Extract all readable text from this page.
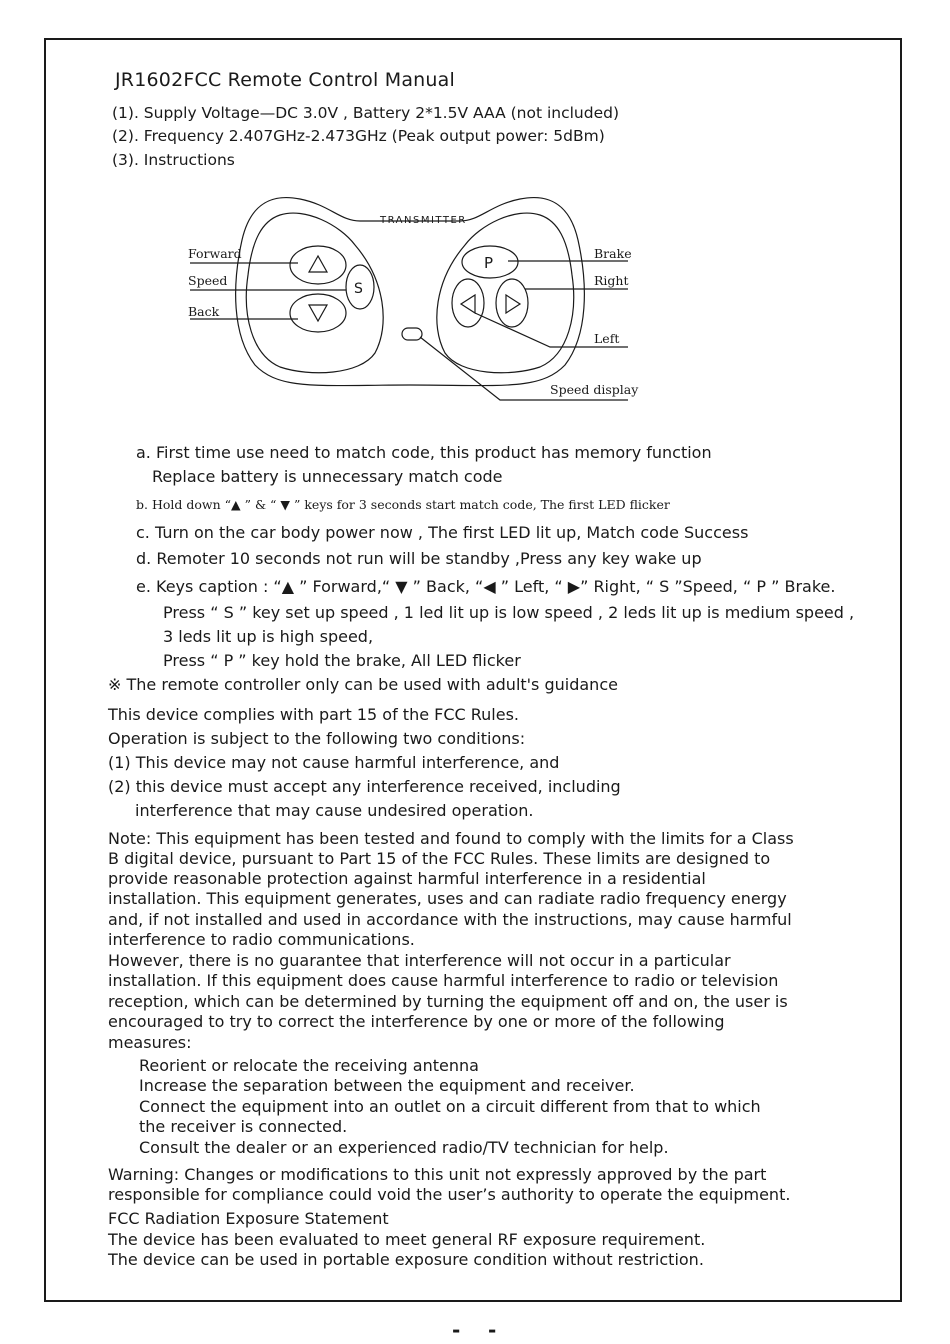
JR1602FCC Remote Control Manual
(1). Supply Voltage—DC 3.0V , Battery 2*1.5V AAA (not included)
(2). Frequency 2.407GHz-2.473GHz (Peak output power: 5dBm)
(3). Instructions
TRANSMITTER
S
P
Forward
Speed
Back
Brake
Right
Left
Speed display
a. First time use need to match code, this product has memory function
Replace battery is unnecessary match code
b. Hold down “▲ ” & “ ▼ ” keys for 3 seconds start match code, The first LED flicker
c. Turn on the car body power now , The first LED lit up, Match code Success
d. Remoter 10 seconds not run will be standby ,Press any key wake up
e. Keys caption : “▲ ” Forward,“ ▼ ” Back, “◀ ” Left, “ ▶” Right, “ S ”Speed, “ P ” Brake.
Press “ S ” key set up speed , 1 led lit up is low speed , 2 leds lit up is medium speed ,
3 leds lit up is high speed,
Press “ P ” key hold the brake, All LED flicker
※ The remote controller only can be used with adult's guidance
This device complies with part 15 of the FCC Rules.
Operation is subject to the following two conditions:
(1) This device may not cause harmful interference, and
(2) this device must accept any interference received, including
interference that may cause undesired operation.
Note: This equipment has been tested and found to comply with the limits for a Class
B digital device, pursuant to Part 15 of the FCC Rules. These limits are designed to
provide reasonable protection against harmful interference in a residential
installation. This equipment generates, uses and can radiate radio frequency energy
and, if not installed and used in accordance with the instructions, may cause harmful
interference to radio communications.
However, there is no guarantee that interference will not occur in a particular
installation. If this equipment does cause harmful interference to radio or television
reception, which can be determined by turning the equipment off and on, the user is
encouraged to try to correct the interference by one or more of the following
measures:
Reorient or relocate the receiving antenna
Increase the separation between the equipment and receiver.
Connect the equipment into an outlet on a circuit different from that to which
the receiver is connected.
Consult the dealer or an experienced radio/TV technician for help.
Warning: Changes or modifications to this unit not expressly approved by the part
responsible for compliance could void the user’s authority to operate the equipment.
FCC Radiation Exposure Statement
The device has been evaluated to meet general RF exposure requirement.
The device can be used in portable exposure condition without restriction.
- -
